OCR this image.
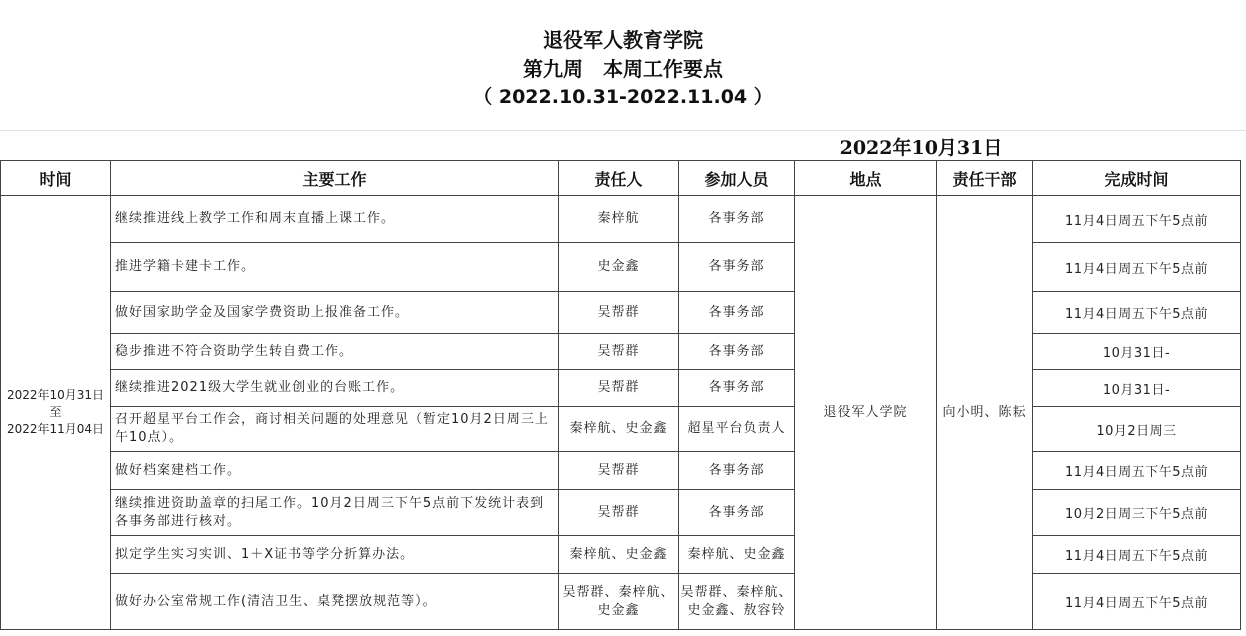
退役军人教育学院
第九周　本周工作要点
（ 2022.10.31-2022.11.04 ）
2022年10月31日
时间	主要工作	责任人	参加人员	地点	责任干部	完成时间

2022年10月31日
至
2022年11月04日	继续推进线上教学工作和周末直播上课工作。	秦梓航	各事务部	退役军人学院	向小明、陈耘	11月4日周五下午5点前
	推进学籍卡建卡工作。	史金鑫	各事务部			11月4日周五下午5点前
	做好国家助学金及国家学费资助上报准备工作。	吴帮群	各事务部			11月4日周五下午5点前
	稳步推进不符合资助学生转自费工作。	吴帮群	各事务部			10月31日-
	继续推进2021级大学生就业创业的台账工作。	吴帮群	各事务部			10月31日-
	召开超星平台工作会，商讨相关问题的处理意见（暂定10月2日周三上午10点）。	秦梓航、史金鑫	超星平台负责人			10月2日周三
	做好档案建档工作。	吴帮群	各事务部			11月4日周五下午5点前
	继续推进资助盖章的扫尾工作。10月2日周三下午5点前下发统计表到各事务部进行核对。	吴帮群	各事务部			10月2日周三下午5点前
	拟定学生实习实训、1＋X证书等学分折算办法。	秦梓航、史金鑫	秦梓航、史金鑫			11月4日周五下午5点前
	做好办公室常规工作(清洁卫生、桌凳摆放规范等）。	吴帮群、秦梓航、史金鑫	吴帮群、秦梓航、史金鑫、敖容铃			11月4日周五下午5点前
